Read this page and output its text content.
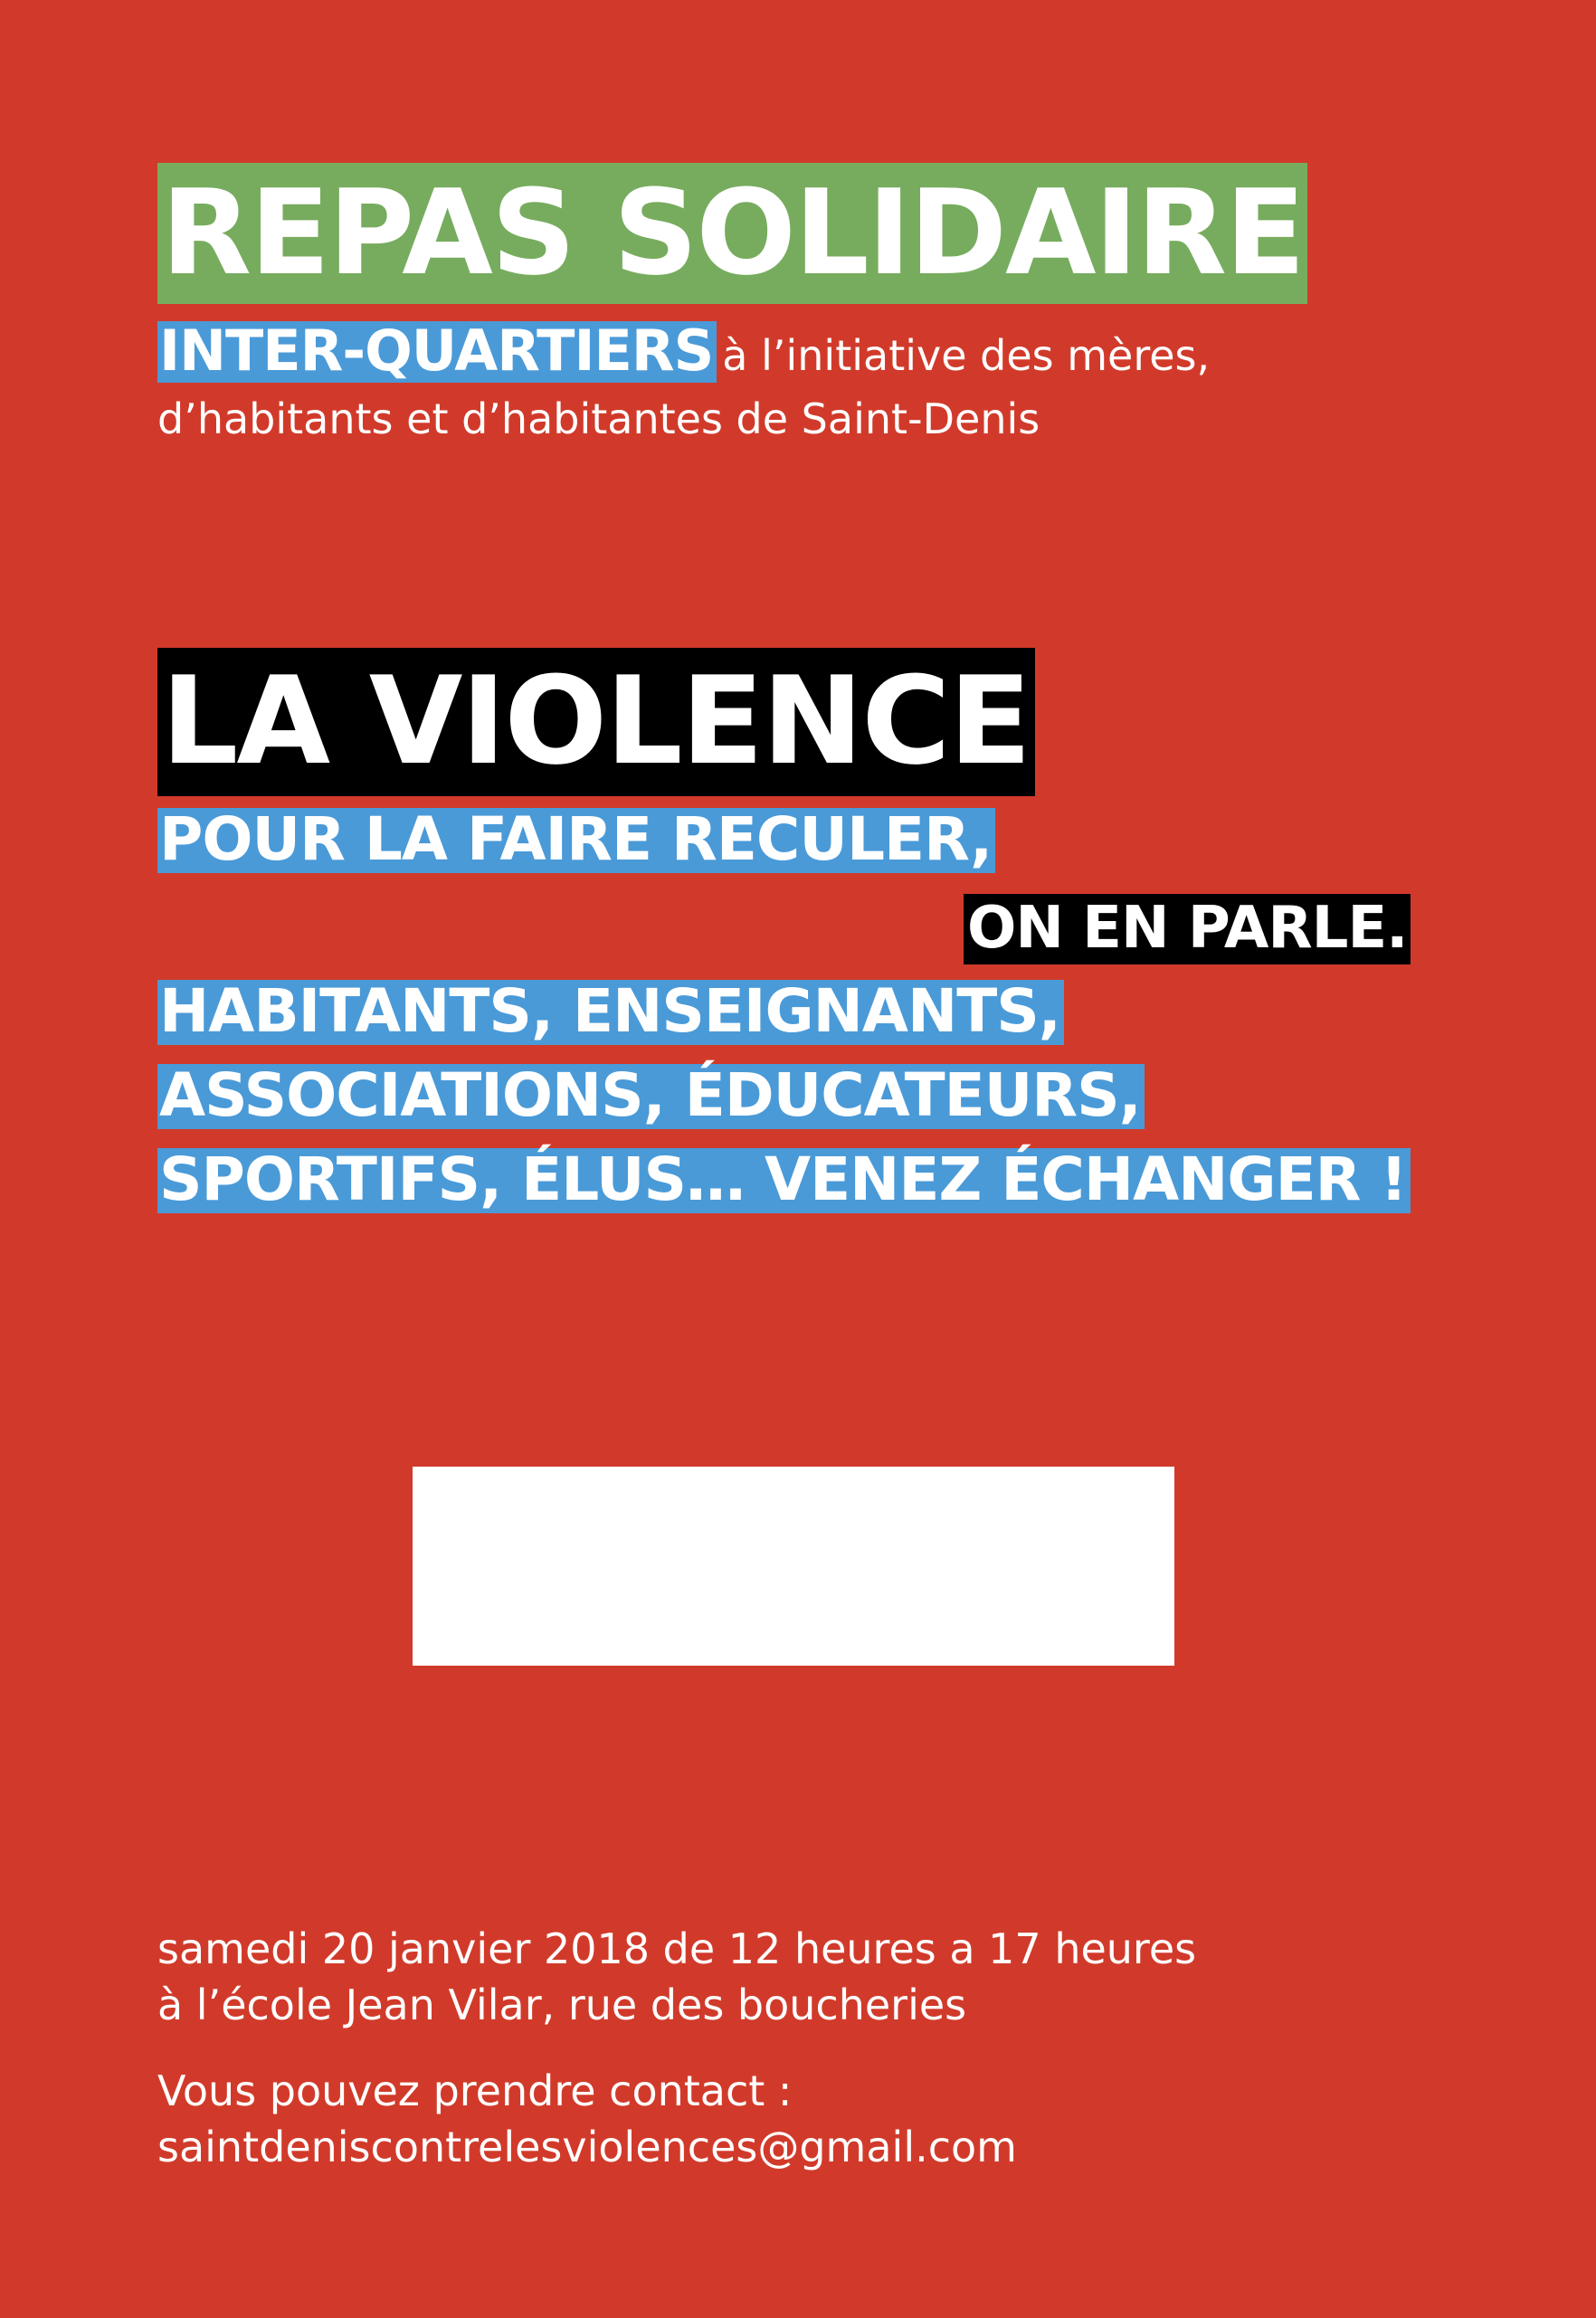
REPAS SOLIDAIRE
INTER-QUARTIERS à l’initiative des mères,
d’habitants et d’habitantes de Saint-Denis
LA VIOLENCE
POUR LA FAIRE RECULER,
ON EN PARLE.
HABITANTS, ENSEIGNANTS,
ASSOCIATIONS, ÉDUCATEURS,
SPORTIFS, ÉLUS… VENEZ ÉCHANGER !
samedi 20 janvier 2018 de 12 heures a 17 heures
à l’école Jean Vilar, rue des boucheries
Vous pouvez prendre contact :
saintdeniscontrelesviolences@gmail.com
